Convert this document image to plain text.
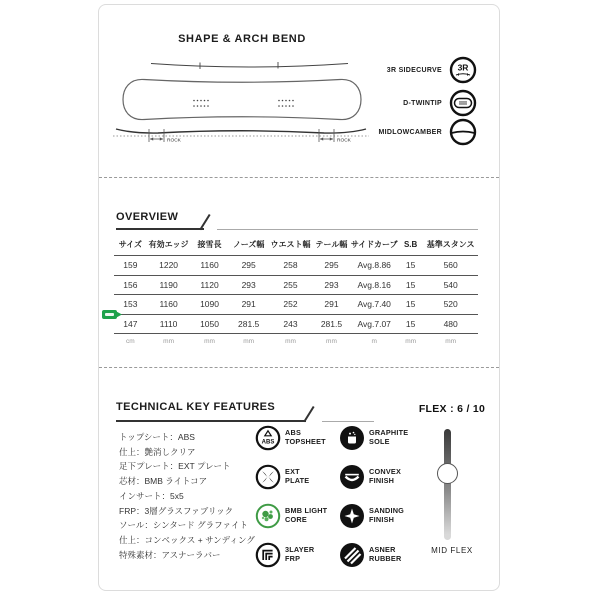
SHAPE & ARCH BEND
ROCK	ROCK
3R SIDECURVE 3R
D-TWINTIP
MIDLOWCAMBER
OVERVIEW
サイズ	有効エッジ	接雪長	ノーズ幅	ウエスト幅	テール幅	サイドカーブ	S.B	基準スタンス
159	1220	1160	295	258	295	Avg.8.86	15	560
156	1190	1120	293	255	293	Avg.8.16	15	540
153	1160	1090	291	252	291	Avg.7.40	15	520
147	1110	1050	281.5	243	281.5	Avg.7.07	15	480
cm	mm	mm	mm	mm	mm	m	mm	mm
TECHNICAL KEY FEATURES	FLEX : 6 / 10
トップシート：ABS
仕上：艶消しクリア
足下プレート：EXT プレート
芯材：BMB ライトコア
インサート：5x5
FRP：3層グラスファブリック
ソール：シンタード グラファイト
仕上：コンベックス + サンディング
特殊素材：アスナーラバー
ABS
ABS
TOPSHEET
GRAPHITE
SOLE
EXT
PLATE
CONVEX
FINISH
BMB LIGHT
CORE
SANDING
FINISH
3LAYER
FRP
ASNER
RUBBER
MID FLEX
